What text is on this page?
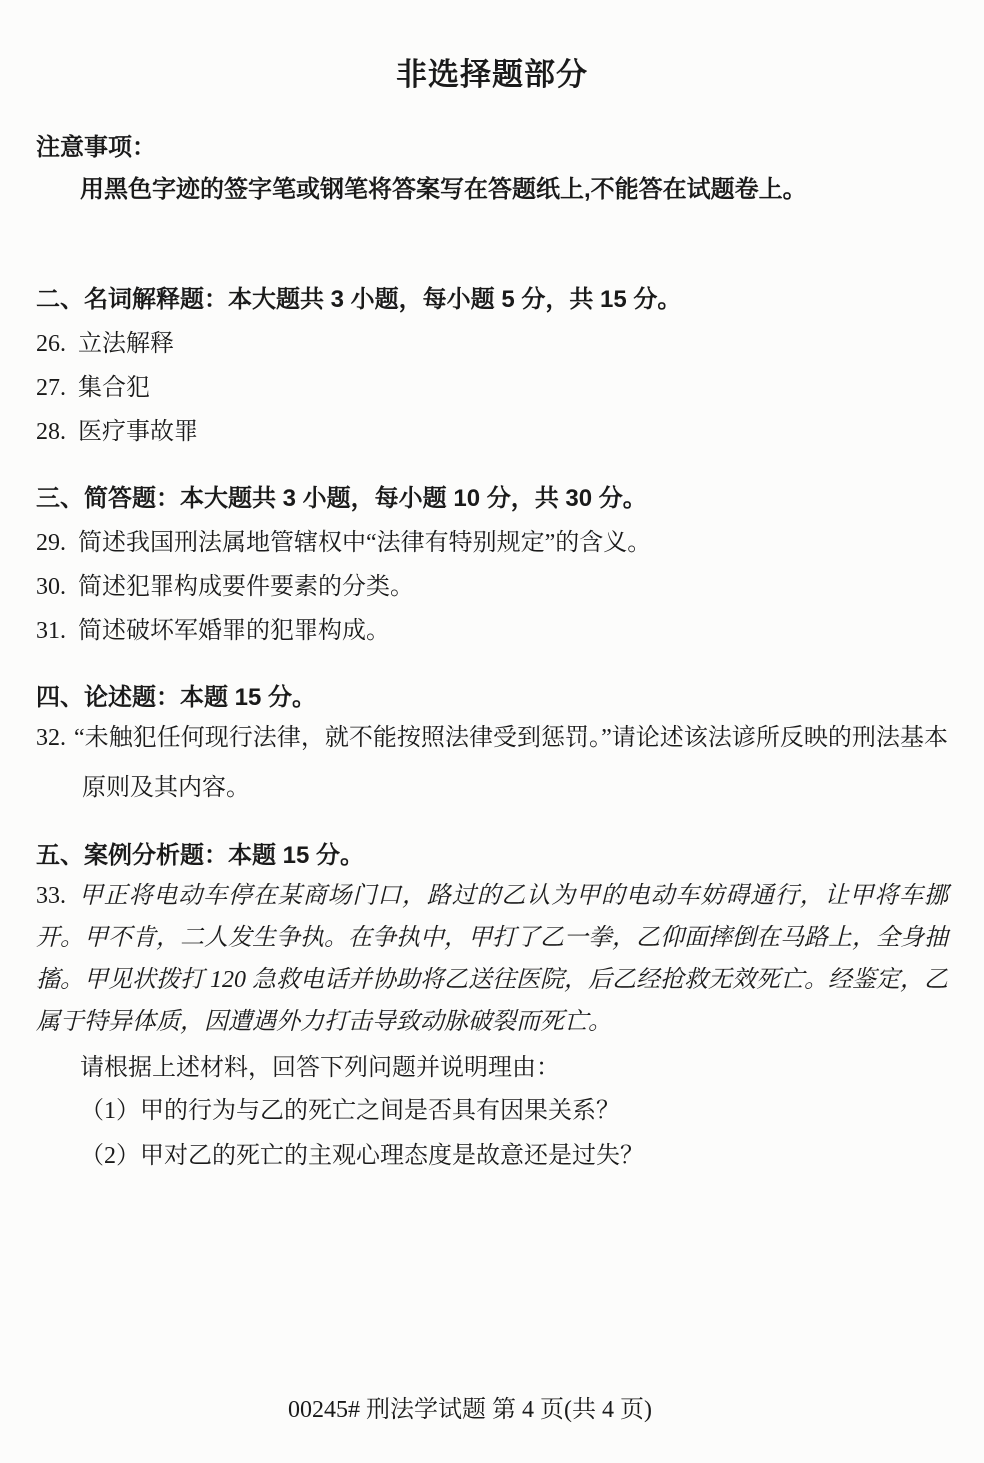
非选择题部分
注意事项：
用黑色字迹的签字笔或钢笔将答案写在答题纸上,不能答在试题卷上。
二、名词解释题：本大题共 3 小题，每小题 5 分，共 15 分。
26. 立法解释
27. 集合犯
28. 医疗事故罪
三、简答题：本大题共 3 小题，每小题 10 分，共 30 分。
29. 简述我国刑法属地管辖权中“法律有特别规定”的含义。
30. 简述犯罪构成要件要素的分类。
31. 简述破坏军婚罪的犯罪构成。
四、论述题：本题 15 分。
32. “未触犯任何现行法律，就不能按照法律受到惩罚。”请论述该法谚所反映的刑法基本原则及其内容。
五、案例分析题：本题 15 分。
33. 甲正将电动车停在某商场门口，路过的乙认为甲的电动车妨碍通行，让甲将车挪开。甲不肯，二人发生争执。在争执中，甲打了乙一拳，乙仰面摔倒在马路上，全身抽搐。甲见状拨打 120 急救电话并协助将乙送往医院，后乙经抢救无效死亡。经鉴定，乙属于特异体质，因遭遇外力打击导致动脉破裂而死亡。
请根据上述材料，回答下列问题并说明理由：
（1）甲的行为与乙的死亡之间是否具有因果关系？
（2）甲对乙的死亡的主观心理态度是故意还是过失？
00245# 刑法学试题 第 4 页(共 4 页)
